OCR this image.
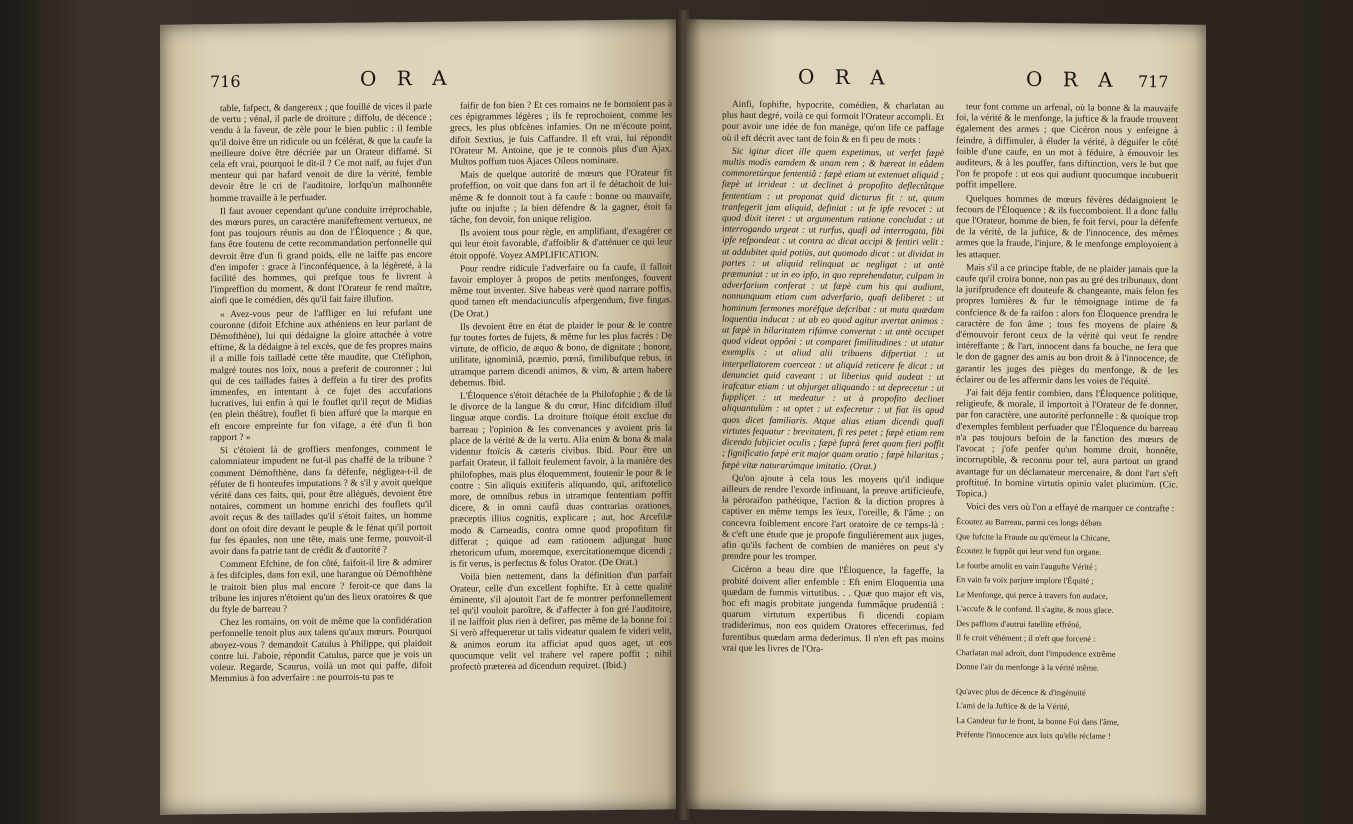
716	O R A

table, fafpect, & dangereux ; que fouillé de vices il parle de vertu ; vénal, il parle de droiture ; diffolu, de décence ; vendu à la faveur, de zèle pour le bien public : il femble qu'il doive être un ridicule ou un fcélérat, & que la caufe la meilleure doive être décriée par un Orateur diffamé. Si cela eft vrai, pourquoi le dit-il ? Ce mot naïf, au fujet d'un menteur qui par hafard venoit de dire la vérité, femble devoir être le cri de l'auditoire, lorfqu'un malhonnête homme travaille à le perfuader.

Il faut avouer cependant qu'une conduite irréprochable, des mœurs pures, un caractère manifeftement vertueux, ne font pas toujours réunis au don de l'Éloquence ; & que, fans être foutenu de cette recommandation perfonnelle qui devroit être d'un fi grand poids, elle ne laiffe pas encore d'en impofer : grace à l'inconféquence, à la légèreté, à la facilité des hommes, qui prefque tous fe livrent à l'impreffion du moment, & dont l'Orateur fe rend maître, ainfi que le comédien, dès qu'il fait faire illufion.

« Avez-vous peur de l'affliger en lui refufant une couronne (difoit Efchine aux athéniens en leur parlant de Démofthène), lui qui dédaigne la gloire attachée à votre eftime, & la dédaigne à tel excès, que de fes propres mains il a mille fois tailladé cette tête maudite, que Ctéfiphon, malgré toutes nos loix, nous a preferit de couronner ; lui qui de ces taillades faites à deffein a fu tirer des profits immenfes, en intentant à ce fujet des accufations lucratives, lui enfin à qui le fouflet qu'il reçut de Midias (en plein théâtre), fouflet fi bien affuré que la marque en eft encore empreinte fur fon vifage, a été d'un fi bon rapport ? »

Si c'étoient là de groffiers menfonges, comment le calomniateur impudent ne fut-il pas chaffé de la tribune ? comment Démofthène, dans fa défenfe, négligea-t-il de réfuter de fi honteufes imputations ? & s'il y avoit quelque vérité dans ces faits, qui, pour être allégués, devoient être notaires, comment un homme enrichi des fouflets qu'il avoit reçus & des taillades qu'il s'étoit faites, un homme dont on ofoit dire devant le peuple & le fénat qu'il portoit fur fes épaules, non une tête, mais une ferme, pouvoit-il avoir dans fa patrie tant de crédit & d'autorité ?

Comment Efchine, de fon côté, faifoit-il lire & admirer à fes difciples, dans fon exil, une harangue où Démofthène le traitoit bien plus mal encore ? feroit-ce que dans la tribune les injures n'étoient qu'un des lieux oratoires & que du ftyle de barreau ?

Chez les romains, on voit de même que la confidération perfonnelle tenoit plus aux talens qu'aux mœurs. Pourquoi aboyez-vous ? demandoit Catulus à Philippe, qui plaidoit contre lui. J'aboie, répondit Catulus, parce que je vois un voleur. Regarde, Scaurus, voilà un mot qui paffe, difoit Memmius à fon adverfaire : ne pourrois-tu pas te

faifir de fon bien ? Et ces romains ne fe bornoient pas à ces épigrammes légères ; ils fe reprochoient, comme les grecs, les plus obfcènes infamies. On ne m'écoute point, difoit Sextius, je fuis Caffandre. Il eft vrai, lui répondit l'Orateur M. Antoine, que je te connois plus d'un Ajax. Multos poffum tuos Ajaces Oileos nominare.

Mais de quelque autorité de mœurs que l'Orateur fit profeffion, on voit que dans fon art il fe détachoit de lui-même & fe donnoit tout à fa caufe : bonne ou mauvaife, jufte ou injufte ; la bien défendre & la gagner, étoit fa tâche, fon devoir, fon unique religion.

Ils avoient tous pour règle, en amplifiant, d'exagérer ce qui leur étoit favorable, d'affoiblir & d'atténuer ce qui leur étoit oppofé. Voyez AMPLIFICATION.

Pour rendre ridicule l'adverfaire ou fa caufe, il falloit favoir employer à propos de petits menfonges, fouvent même tout inventer. Sive habeas verè quod narrare poffis, quod tamen eft mendaciunculis afpergendum, five fingas. (De Orat.)

Ils devoient être en état de plaider le pour & le contre fur toutes fortes de fujets, & même fur les plus facrés : De virtute, de officio, de æquo & bono, de dignitate ; honore, utilitate, ignominiâ, præmio, pœnâ, fimilibufque rebus, in utramque partem dicendi animos, & vim, & artem habere debemus. Ibid.

L'Éloquence s'étoit détachée de la Philofophie ; & de là le divorce de la langue & du cœur, Hinc difcidium illud linguæ atque cordis. La droiture ftoïque étoit exclue du barreau ; l'opinion & les convenances y avoient pris la place de la vérité & de la vertu. Alia enim & bona & mala videntur ftoïcis & cæteris civibus. Ibid. Pour être un parfait Orateur, il falloit feulement favoir, à la manière des philofophes, mais plus éloquemment, foutenir le pour & le contre : Sin aliquis exitiferis aliquando, qui, ariftotelico more, de omnibus rebus in utramque fententiam poffit dicere, & in omni caufâ duas contrarias orationes, præceptis illius cognitis, explicare ; aut, hoc Arcefilæ modo & Carneadis, contra omne quod propofitum fit differat ; quique ad eam rationem adjungat hunc rhetoricum ufum, moremque, exercitationemque dicendi ; is fit verus, is perfectus & folus Orator. (De Orat.)

Voilà bien nettement, dans la définition d'un parfait Orateur, celle d'un excellent fophifte. Et à cette qualité éminente, s'il ajoutoit l'art de fe montrer perfonnellement tel qu'il vouloit paroître, & d'affecter à fon gré l'auditoire, il ne laiffoit plus rien à defirer, pas même de la bonne foi : Si verò affequeretur ut talis videatur qualem fe videri velit, & animos eorum ita afficiat apud quos aget, ut eos quocumque velit vel trahere vel rapere poffit ; nihil profectò præterea ad dicendum requiret. (Ibid.)

O R A	O R A 717

Ainfi, fophifte, hypocrite, comédien, & charlatan au plus haut degré, voilà ce qui formoit l'Orateur accompli. Et pour avoir une idée de fon manège, qu'on life ce paffage où il eft décrit avec tant de foin & en fi peu de mots :

Sic igitur dicet ille quem expetimus, ut verfet fæpè multis modis eamdem & unam rem ; & hæreat in eâdem commoretúrque fententiâ : fæpè etiam ut extenuet aliquid ; fæpè ut irrideat : ut declinet à propofito deflectâtque fententiam : ut proponat quid dicturus fit : ut, quum tranfegerit jam aliquid, definiat : ut fe ipfe revocet : ut quod dixit iteret : ut argumentum ratione concludat : ut interrogando urgeat : ut rurfus, quafi ad interrogata, fibi ipfe refpondeat : ut contra ac dicat accipi & fentiri velit : ut addubitet quid potiùs, aut quomodo dicat : ut dividat in partes : ut aliquid relinquat ac negligat : ut antè præmuniat : ut in eo ipfo, in quo reprehendatur, culpam in adverfarium conferat : ut fæpè cum his qui audiunt, nonnunquam etiam cum adverfario, quafi deliberet : ut hominum fermones moréfque defcribat : ut muta quædam loquentia inducat : ut ab eo quod agitur avertat animos : ut fæpè in hilaritatem rifúmve convertat : ut antè occupet quod videat oppôni : ut comparet fimilitudines : ut utatur exemplis : ut aliud alii tribuens difpertiat : ut interpellatorem coerceat : ut aliquid reticere fe dicat : ut denunciet quid caveant : ut liberius quid audeat : ut irafcatur etiam : ut objurget aliquando : ut deprecetur : ut fuppliçet : ut medeatur : ut à propofito declinet aliquantulùm : ut optet : ut exfecretur : ut fiat iis apud quos dicet familiaris. Atque alias etiam dicendi quafi virtutes fequatur : brevitatem, fi res petet ; fæpè etiam rem dicendo fubjiciet oculis ; fæpè fuprà feret quam fieri poffit ; fignificatio fæpè erit major quam oratio ; fæpè hilaritas ; fæpè vitæ naturarúmque imitatio. (Orat.)

Qu'on ajoute à cela tous les moyens qu'il indique ailleurs de rendre l'exorde infinuant, la preuve artificieufe, la péroraifon pathétique, l'action & la diction propres à captiver en même temps les ïeux, l'oreille, & l'âme ; on concevra foiblement encore l'art oratoire de ce temps-là : & c'eft une étude que je propofe fingulièrement aux juges, afin qu'ils fachent de combien de manières on peut s'y prendre pour les tromper.

Cicéron a beau dire que l'Éloquence, la fageffe, la probité doivent aller enfemble : Eft enim Eloquentia una quædam de fummis virtutibus. . . Quæ quo major eft vis, hoc eft magis probitate jungenda fummâque prudentiâ : quarum virtutum expertibus fi dicendi copiam tradiderimus, non eos quidem Oratores effecerimus, fed furentibus quædam arma dederimus. Il n'en eft pas moins vrai que les livres de l'Ora-

teur font comme un arfenal, où la bonne & la mauvaife foi, la vérité & le menfonge, la juftice & la fraude trouvent également des armes ; que Cicéron nous y enfeigne à feindre, à diffimuler, à éluder la vérité, à déguifer le côté foible d'une caufe, en un mot à féduire, à émouvoir les auditeurs, & à les pouffer, fans diftinction, vers le but que l'on fe propofe : ut eos qui audiunt quocumque incubuerit poffit impellere.

Quelques hommes de mœurs févères dédaignoient le fecours de l'Éloquence ; & ils fuccomboient. Il a donc fallu que l'Orateur, homme de bien, fe foit fervi, pour la défenfe de la vérité, de la juftice, & de l'innocence, des mêmes armes que la fraude, l'injure, & le menfonge employoient à les attaquer.

Mais s'il a ce principe ftable, de ne plaider jamais que la caufe qu'il croira bonne, non pas au gré des tribunaux, dont la jurifprudence eft douteufe & changeante, mais felon fes propres lumières & fur le témoignage intime de fa confcience & de fa raifon : alors fon Éloquence prendra le caractère de fon âme ; tous fes moyens de plaire & d'émouvoir feront ceux de la vérité qui veut fe rendre intéreffante ; & l'art, innocent dans fa bouche, ne fera que le don de gagner des amis au bon droit & à l'innocence, de garantir les juges des pièges du menfonge, & de les éclairer ou de les affermir dans les voies de l'équité.

J'ai fait déja fentir combien, dans l'Éloquence politique, religieufe, & morale, il importoit à l'Orateur de fe donner, par fon caractère, une autorité perfonnelle : & quoique trop d'exemples femblent perfuader que l'Éloquence du barreau n'a pas toujours befoin de la fanction des mœurs de l'avocat ; j'ofe penfer qu'un homme droit, honnête, incorruptible, & reconnu pour tel, aura partout un grand avantage fur un déclamateur mercenaire, & dont l'art s'eft proftitué. In homine virtutis opinio valet plurimùm. (Cic. Topica.)

Voici des vers où l'on a effayé de marquer ce contrafte :

Écoutez au Barreau, parmi ces longs débats

Que fufcite la Fraude ou qu'émeut la Chicane,

Écoutez le fuppôt qui leur vend fon organe.

Le fourbe amolit en vain l'augufte Vérité ;

En vain fa voix parjure implore l'Équité ;

Le Menfonge, qui perce à travers fon audace,

L'accufe & le confond. Il s'agite, & nous glace.

Des paffions d'autrui fatellite effréné,

Il fe croit véhément ; il n'eft que forcené :

Charlatan mal adroit, dont l'impudence extrême

Donne l'air du menfonge à la vérité même.

Qu'avec plus de décence & d'ingénuité

L'ami de la Juftice & de la Vérité,

La Candeur fur le front, la bonne Foi dans l'âme,

Préfente l'innocence aux loix qu'elle réclame !
